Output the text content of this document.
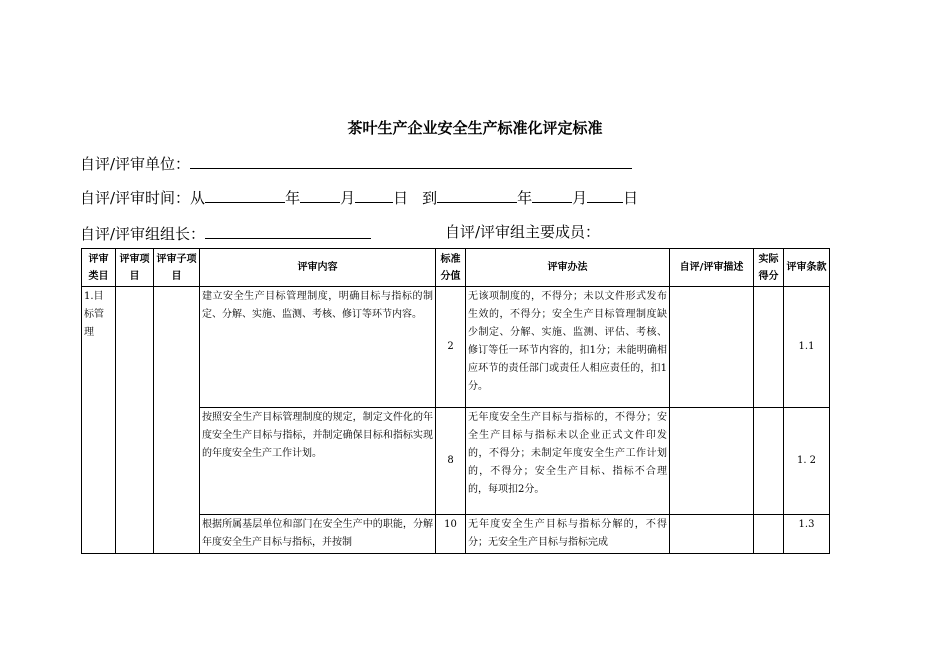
茶叶生产企业安全生产标准化评定标准
自评/评审单位：
自评/评审时间：从	年	月	日 到	年	月 日
自评/评审组组长：	自评/评审组主要成员：
评审类目	评审项目	评审子项目	评审内容	标准分值	评审办法	自评/评审描述	实际得分	评审条款
1.目标管理			建立安全生产目标管理制度，明确目标与指标的制定、分解、实施、监测、考核、修订等环节内容。	2	无该项制度的，不得分；未以文件形式发布生效的，不得分；安全生产目标管理制度缺少制定、分解、实施、监测、评估、考核、修订等任一环节内容的，扣1分；未能明确相应环节的责任部门或责任人相应责任的，扣1分。			1.1
			按照安全生产目标管理制度的规定，制定文件化的年度安全生产目标与指标，并制定确保目标和指标实现的年度安全生产工作计划。	8	无年度安全生产目标与指标的，不得分；安全生产目标与指标未以企业正式文件印发的，不得分；未制定年度安全生产工作计划的，不得分；安全生产目标、指标不合理的，每项扣2分。			1. 2
			根据所属基层单位和部门在安全生产中的职能，分解年度安全生产目标与指标，并按制	10	无年度安全生产目标与指标分解的，不得分；无安全生产目标与指标完成			1.3
